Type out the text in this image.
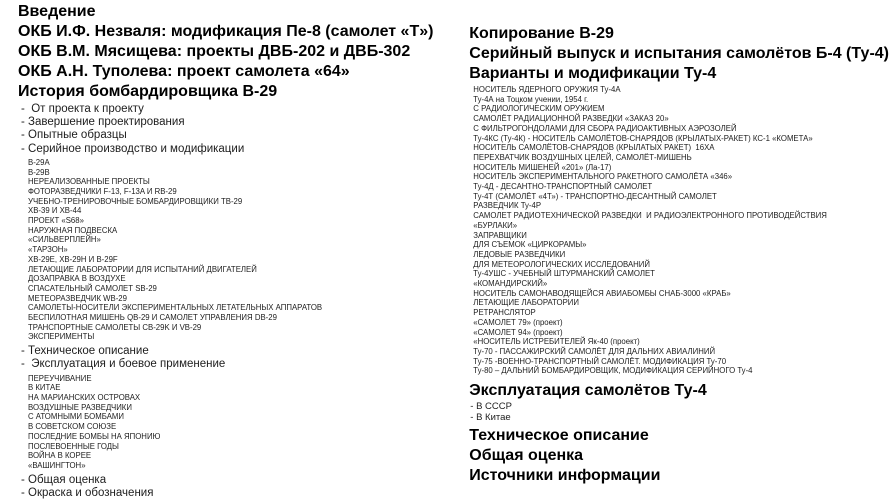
Введение
ОКБ И.Ф. Незваля: модификация Пе-8 (самолет «Т»)
ОКБ В.М. Мясищева: проекты ДВБ-202 и ДВБ-302
ОКБ А.Н. Туполева: проект самолета «64»
История бомбардировщика В-29
-  От проекта к проекту
- Завершение проектирования
- Опытные образцы
- Серийное производство и модификации
B-29A
B-29B
НЕРЕАЛИЗОВАННЫЕ ПРОЕКТЫ
ФОТОРАЗВЕДЧИКИ F-13, F-13A И RB-29
УЧЕБНО-ТРЕНИРОВОЧНЫЕ БОМБАРДИРОВЩИКИ ТВ-29
ХВ-39 И ХВ-44
ПРОЕКТ «S68»
НАРУЖНАЯ ПОДВЕСКА
«СИЛЬВЕРПЛЕЙН»
«ТАРЗОН»
ХВ-29Е, ХВ-29Н И В-29F
ЛЕТАЮЩИЕ ЛАБОРАТОРИИ ДЛЯ ИСПЫТАНИЙ ДВИГАТЕЛЕЙ
ДОЗАПРАВКА В ВОЗДУХЕ
СПАСАТЕЛЬНЫЙ САМОЛЕТ SB-29
МЕТЕОРАЗВЕДЧИК WB-29
САМОЛЕТЫ-НОСИТЕЛИ ЭКСПЕРИМЕНТАЛЬНЫХ ЛЕТАТЕЛЬНЫХ АППАРАТОВ
БЕСПИЛОТНАЯ МИШЕНЬ QB-29 И САМОЛЕТ УПРАВЛЕНИЯ DB-29
ТРАНСПОРТНЫЕ САМОЛЕТЫ CB-29K И VB-29
ЭКСПЕРИМЕНТЫ
- Техническое описание
-  Эксплуатация и боевое применение
ПЕРЕУЧИВАНИЕ
В КИТАЕ
НА МАРИАНСКИХ ОСТРОВАХ
ВОЗДУШНЫЕ РАЗВЕДЧИКИ
С АТОМНЫМИ БОМБАМИ
В СОВЕТСКОМ СОЮЗЕ
ПОСЛЕДНИЕ БОМБЫ НА ЯПОНИЮ
ПОСЛЕВОЕННЫЕ ГОДЫ
ВОЙНА В КОРЕЕ
«ВАШИНГТОН»
- Общая оценка
- Окраска и обозначения
Копирование В-29
Серийный выпуск и испытания самолётов Б-4 (Ту-4)
Варианты и модификации Ту-4
НОСИТЕЛЬ ЯДЕРНОГО ОРУЖИЯ Ту-4А
Ту-4А на Тоцком учении, 1954 г.
С РАДИОЛОГИЧЕСКИМ ОРУЖИЕМ
САМОЛЁТ РАДИАЦИОННОЙ РАЗВЕДКИ «ЗАКАЗ 20»
С ФИЛЬТРОГОНДОЛАМИ ДЛЯ СБОРА РАДИОАКТИВНЫХ АЭРОЗОЛЕЙ
Ту-4КС (Ту-4К) - НОСИТЕЛЬ САМОЛЁТОВ-СНАРЯДОВ (КРЫЛАТЫХ-РАКЕТ) КС-1 «КОМЕТА»
НОСИТЕЛЬ САМОЛЁТОВ-СНАРЯДОВ (КРЫЛАТЫХ РАКЕТ)  16ХА
ПЕРЕХВАТЧИК ВОЗДУШНЫХ ЦЕЛЕЙ, САМОЛЁТ-МИШЕНЬ
НОСИТЕЛЬ МИШЕНЕЙ «201» (Ла-17)
НОСИТЕЛЬ ЭКСПЕРИМЕНТАЛЬНОГО РАКЕТНОГО САМОЛЁТА «346»
Ту-4Д - ДЕСАНТНО-ТРАНСПОРТНЫЙ САМОЛЕТ
Ту-4Т (САМОЛЁТ «4Т») - ТРАНСПОРТНО-ДЕСАНТНЫЙ САМОЛЕТ
РАЗВЕДЧИК Ту-4Р
САМОЛЕТ РАДИОТЕХНИЧЕСКОЙ РАЗВЕДКИ  И РАДИОЭЛЕКТРОННОГО ПРОТИВОДЕЙСТВИЯ
«БУРЛАКИ»
ЗАПРАВЩИКИ
ДЛЯ СЪЕМОК «ЦИРКОРАМЫ»
ЛЕДОВЫЕ РАЗВЕДЧИКИ
ДЛЯ МЕТЕОРОЛОГИЧЕСКИХ ИССЛЕДОВАНИЙ
Ту-4УШС - УЧЕБНЫЙ ШТУРМАНСКИЙ САМОЛЕТ
«КОМАНДИРСКИЙ»
НОСИТЕЛЬ САМОНАВОДЯЩЕЙСЯ АВИАБОМБЫ СНАБ-3000 «КРАБ»
ЛЕТАЮЩИЕ ЛАБОРАТОРИИ
РЕТРАНСЛЯТОР
«САМОЛЕТ 79» (проект)
«САМОЛЕТ 94» (проект)
«НОСИТЕЛЬ ИСТРЕБИТЕЛЕЙ Як-40 (проект)
Ту-70 - ПАССАЖИРСКИЙ САМОЛЁТ ДЛЯ ДАЛЬНИХ АВИАЛИНИЙ
Ту-75 -ВОЕННО-ТРАНСПОРТНЫЙ САМОЛЁТ. МОДИФИКАЦИЯ Ту-70
Ту-80 – ДАЛЬНИЙ БОМБАРДИРОВЩИК, МОДИФИКАЦИЯ СЕРИЙНОГО Ту-4
Эксплуатация самолётов Ту-4
- В СССР
- В Китае
Техническое описание
Общая оценка
Источники информации
